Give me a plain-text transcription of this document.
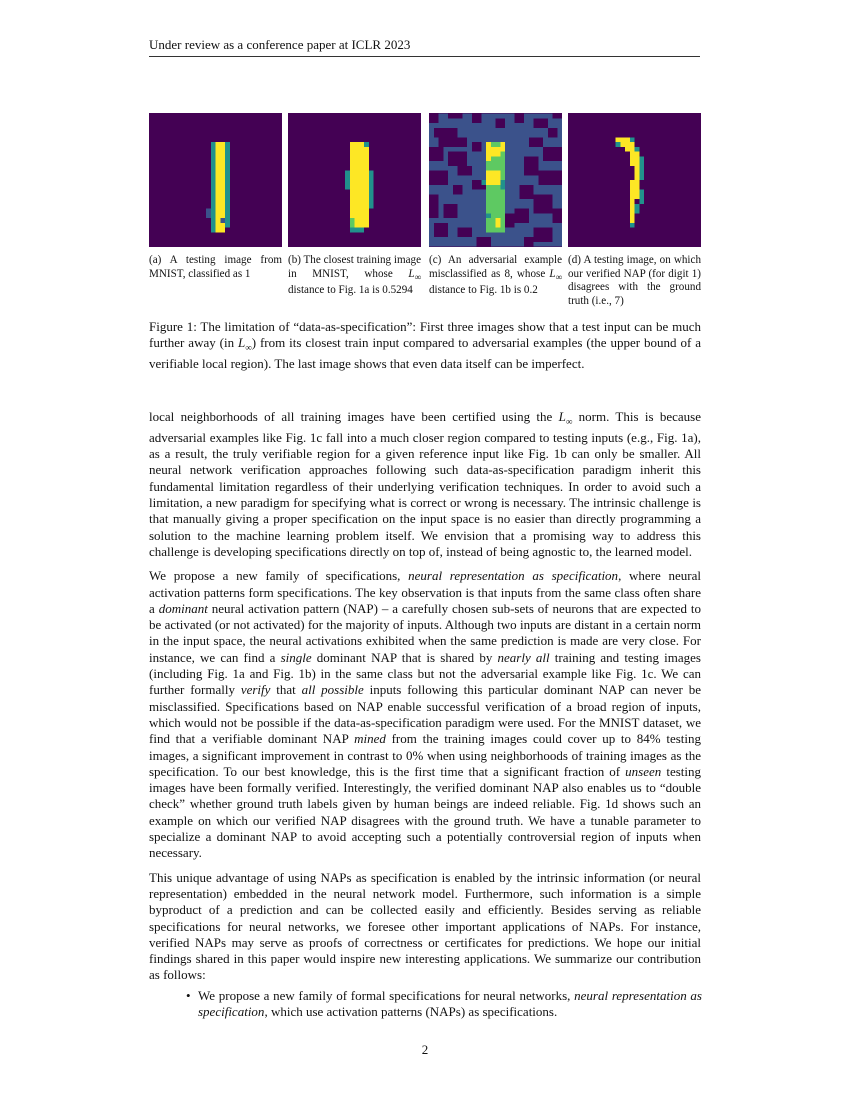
Under review as a conference paper at ICLR 2023
(a) A testing image from MNIST, classified as 1
(b) The closest training image in MNIST, whose $L_\infty$ distance to Fig. 1a is 0.5294
(c) An adversarial example misclassified as 8, whose $L_\infty$ distance to Fig. 1b is 0.2
(d) A testing image, on which our verified NAP (for digit 1) disagrees with the ground truth (i.e., 7)
Figure 1: The limitation of “data-as-specification”: First three images show that a test input can be much further away (in $L_\infty$) from its closest train input compared to adversarial examples (the upper bound of a verifiable local region). The last image shows that even data itself can be imperfect.

local neighborhoods of all training images have been certified using the $L_\infty$ norm. This is because adversarial examples like Fig. 1c fall into a much closer region compared to testing inputs (e.g., Fig. 1a), as a result, the truly verifiable region for a given reference input like Fig. 1b can only be smaller. All neural network verification approaches following such data-as-specification paradigm inherit this fundamental limitation regardless of their underlying verification techniques. In order to avoid such a limitation, a new paradigm for specifying what is correct or wrong is necessary. The intrinsic challenge is that manually giving a proper specification on the input space is no easier than directly programming a solution to the machine learning problem itself. We envision that a promising way to address this challenge is developing specifications directly on top of, instead of being agnostic to, the learned model.

We propose a new family of specifications, neural representation as specification, where neural activation patterns form specifications. The key observation is that inputs from the same class often share a dominant neural activation pattern (NAP) – a carefully chosen sub-sets of neurons that are expected to be activated (or not activated) for the majority of inputs. Although two inputs are distant in a certain norm in the input space, the neural activations exhibited when the same prediction is made are very close. For instance, we can find a single dominant NAP that is shared by nearly all training and testing images (including Fig. 1a and Fig. 1b) in the same class but not the adversarial example like Fig. 1c. We can further formally verify that all possible inputs following this particular dominant NAP can never be misclassified. Specifications based on NAP enable successful verification of a broad region of inputs, which would not be possible if the data-as-specification paradigm were used. For the MNIST dataset, we find that a verifiable dominant NAP mined from the training images could cover up to 84% testing images, a significant improvement in contrast to 0% when using neighborhoods of training images as the specification. To our best knowledge, this is the first time that a significant fraction of unseen testing images have been formally verified. Interestingly, the verified dominant NAP also enables us to “double check” whether ground truth labels given by human beings are indeed reliable. Fig. 1d shows such an example on which our verified NAP disagrees with the ground truth. We have a tunable parameter to specialize a dominant NAP to avoid accepting such a potentially controversial region of inputs when necessary.

This unique advantage of using NAPs as specification is enabled by the intrinsic information (or neural representation) embedded in the neural network model. Furthermore, such information is a simple byproduct of a prediction and can be collected easily and efficiently. Besides serving as reliable specifications for neural networks, we foresee other important applications of NAPs. For instance, verified NAPs may serve as proofs of correctness or certificates for predictions. We hope our initial findings shared in this paper would inspire new interesting applications. We summarize our contribution as follows:

• We propose a new family of formal specifications for neural networks, neural representation as specification, which use activation patterns (NAPs) as specifications.
2
